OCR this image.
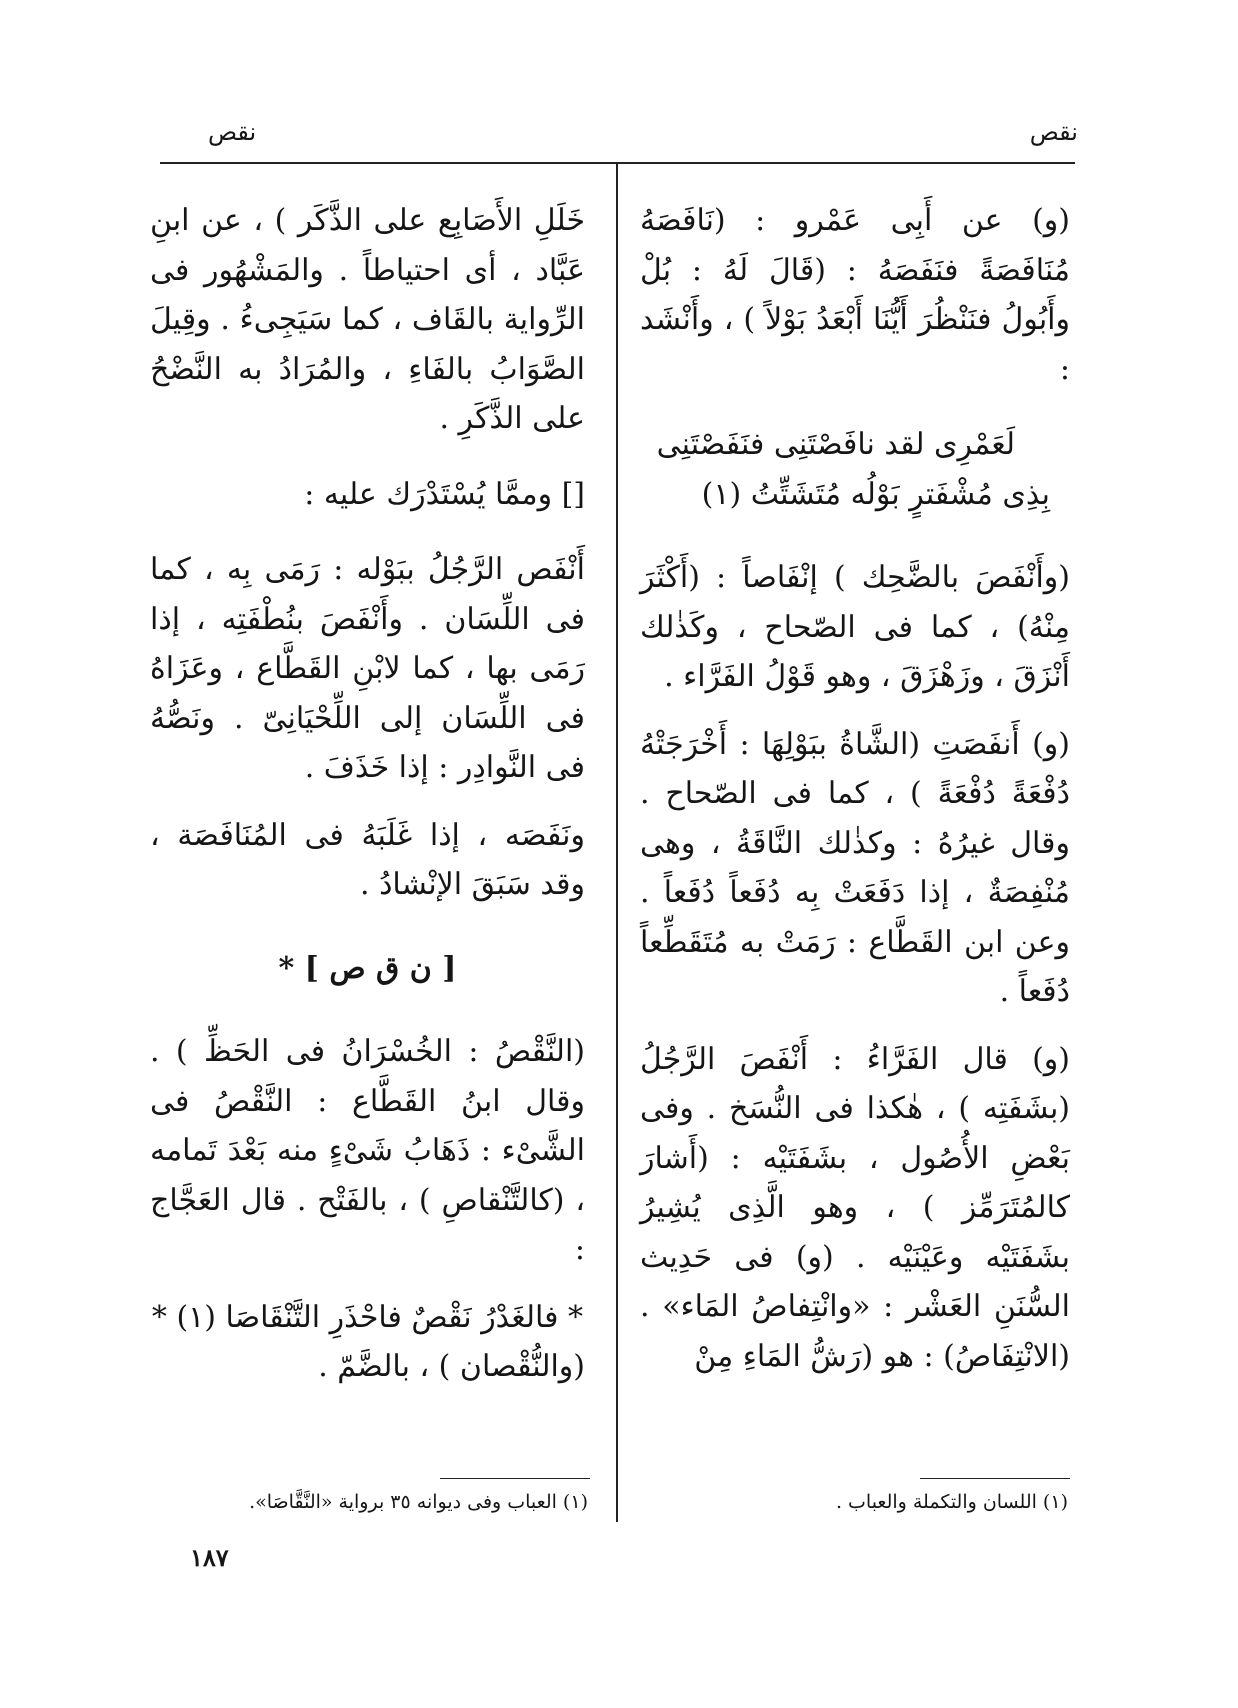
نقص
نقص

(و) عن أَبِى عَمْرو : (نَافَصَهُ مُنَافَصَةً فنَفَصَهُ : (قَالَ لَهُ : بُلْ وأَبُولُ فنَنْظُرَ أَيُّنَا أَبْعَدُ بَوْلاً ) ، وأَنْشَد :

لَعَمْرِى لقد نافَصْتَنِى فنَفَصْتَنِى

بِذِى مُشْفَترٍ بَوْلُه مُتَشَتِّتُ (١)

(وأَنْفَصَ بالضَّحِك ) إنْفَاصاً : (أَكْثَرَ مِنْهُ) ، كما فى الصّحاح ، وكَذٰلك أَنْزَقَ ، وزَهْزَقَ ، وهو قَوْلُ الفَرَّاء .

(و) أَنفَصَتِ (الشَّاةُ ببَوْلِهَا : أَخْرَجَتْهُ دُفْعَةً دُفْعَةً ) ، كما فى الصّحاح . وقال غيرُهُ : وكذٰلك النَّاقَةُ ، وهى مُنْفِصَةٌ ، إذا دَفَعَتْ بِه دُفَعاً دُفَعاً . وعن ابن القَطَّاع : رَمَتْ به مُتَقَطِّعاً دُفَعاً .

(و) قال الفَرَّاءُ : أَنْفَصَ الرَّجُلُ (بشَفَتِه ) ، هٰكذا فى النُّسَخ . وفى بَعْضِ الأُصُول ، بشَفَتَيْه : (أَشارَ كالمُتَرَمِّز ) ، وهو الَّذِى يُشِيرُ بشَفَتَيْه وعَيْنَيْه . (و) فى حَدِيث السُّنَنِ العَشْر : «وانْتِفاصُ المَاء» . (الانْتِفَاصُ) : هو (رَشُّ المَاءِ مِنْ

خَلَلِ الأَصَابِع على الذَّكَر ) ، عن ابنِ عَبَّاد ، أى احتياطاً . والمَشْهُور فى الرِّواية بالقَاف ، كما سَيَجِىءُ . وقِيلَ الصَّوَابُ بالفَاءِ ، والمُرَادُ به النَّضْحُ على الذَّكَرِ .

[] وممَّا يُسْتَدْرَك عليه :

أَنْفَص الرَّجُلُ ببَوْله : رَمَى بِه ، كما فى اللِّسَان . وأَنْفَصَ بنُطْفَتِه ، إذا رَمَى بها ، كما لابْنِ القَطَّاع ، وعَزَاهُ فى اللِّسَان إلى اللِّحْيَانِىّ . ونَصُّهُ فى النَّوادِر : إذا خَذَفَ .

ونَفَصَه ، إذا غَلَبَهُ فى المُنَافَصَة ، وقد سَبَقَ الإنْشادُ .

[ ن ق ص ] *

(النَّقْصُ : الخُسْرَانُ فى الحَظِّ ) . وقال ابنُ القَطَّاع : النَّقْصُ فى الشَّىْء : ذَهَابُ شَىْءٍ منه بَعْدَ تَمامه ، (كالتَّنْقاصِ ) ، بالفَتْح . قال العَجَّاج :

* فالغَدْرُ نَقْصٌ فاحْذَرِ التَّنْقَاصَا (١) *

(والنُّقْصان ) ، بالضَّمّ .

(١) اللسان والتكملة والعباب .
(١) العباب وفى ديوانه ٣٥ برواية «النَّقَّاصَا».
١٨٧
